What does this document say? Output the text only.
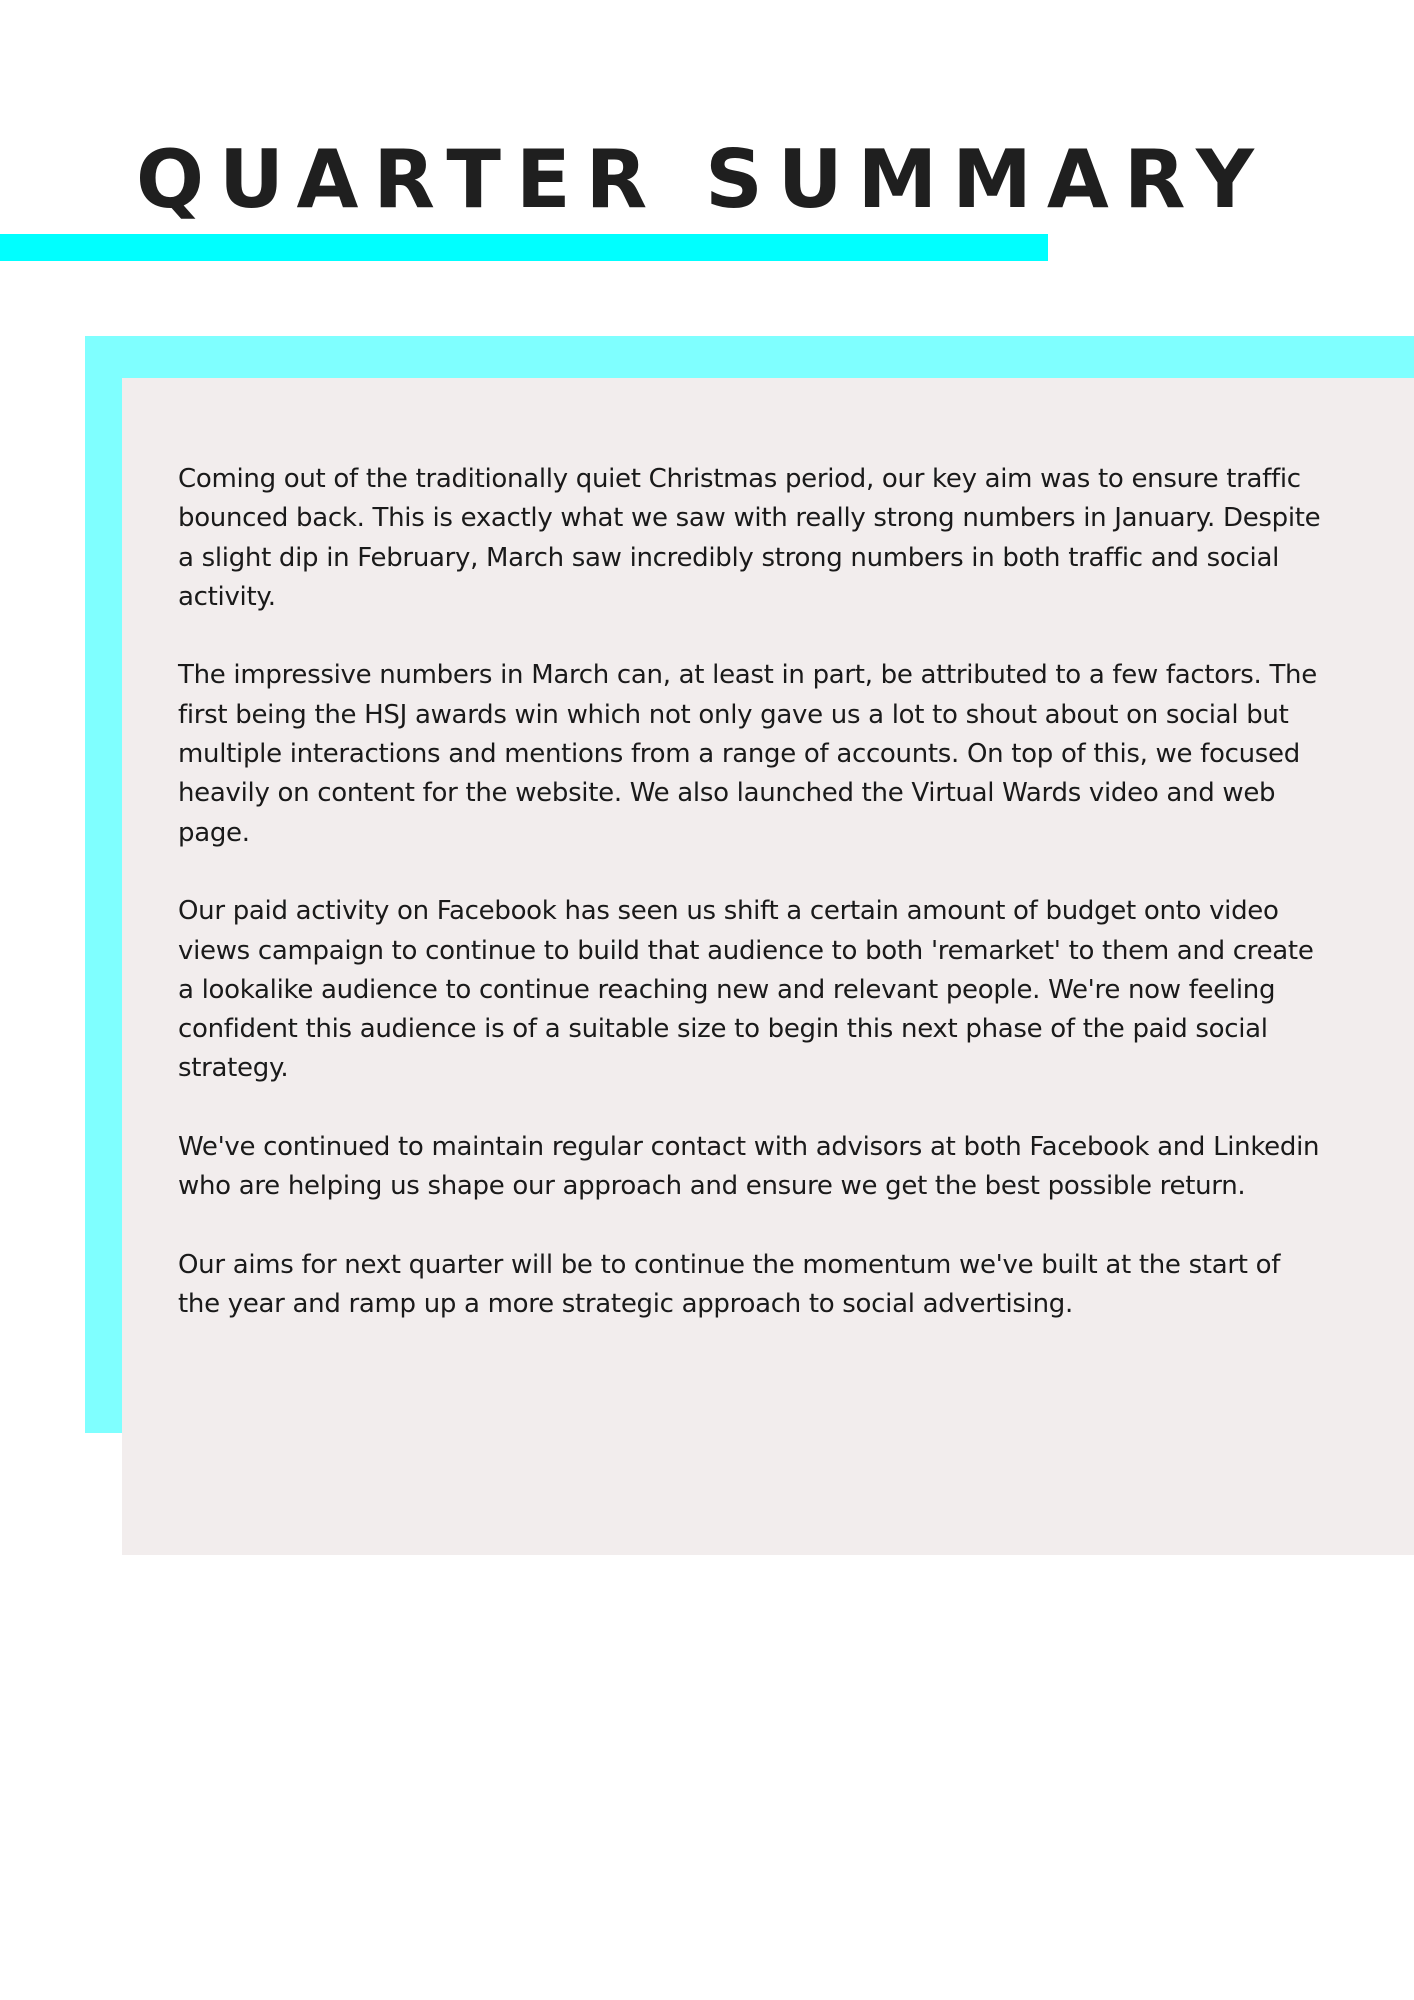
QUARTER SUMMARY

Coming out of the traditionally quiet Christmas period, our key aim was to ensure traffic bounced back. This is exactly what we saw with really strong numbers in January. Despite a slight dip in February, March saw incredibly strong numbers in both traffic and social activity.

The impressive numbers in March can, at least in part, be attributed to a few factors. The first being the HSJ awards win which not only gave us a lot to shout about on social but multiple interactions and mentions from a range of accounts. On top of this, we focused heavily on content for the website. We also launched the Virtual Wards video and web page.

Our paid activity on Facebook has seen us shift a certain amount of budget onto video views campaign to continue to build that audience to both 'remarket' to them and create a lookalike audience to continue reaching new and relevant people. We're now feeling confident this audience is of a suitable size to begin this next phase of the paid social strategy.

We've continued to maintain regular contact with advisors at both Facebook and Linkedin who are helping us shape our approach and ensure we get the best possible return.

Our aims for next quarter will be to continue the momentum we've built at the start of the year and ramp up a more strategic approach to social advertising.
